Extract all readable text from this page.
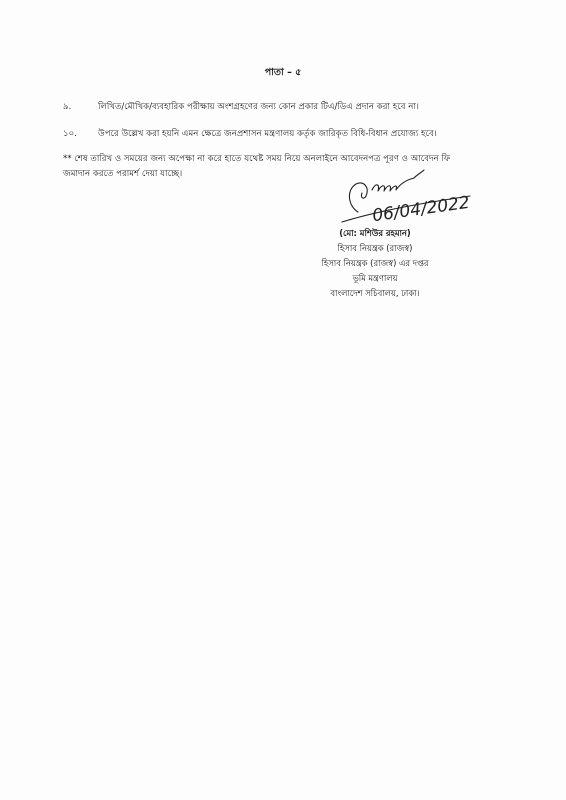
পাতা – ৫
৯.	লিখিত/মৌখিক/ব্যবহারিক পরীক্ষায় অংশগ্রহণের জন্য কোন প্রকার টিএ/ডিএ প্রদান করা হবে না।
১০.	উপরে উল্লেখ করা হয়নি এমন ক্ষেত্রে জনপ্রশাসন মন্ত্রণালয় কর্তৃক জারিকৃত বিধি-বিধান প্রযোজ্য হবে।
** শেষ তারিখ ও সময়ের জন্য অপেক্ষা না করে হাতে যথেষ্ট সময় নিয়ে অনলাইনে আবেদনপত্র পূরণ ও আবেদন ফি জমাদান করতে পরামর্শ দেয়া যাচ্ছে।
06/04/2022
(মো: মশিউর রহমান)
হিসাব নিয়ন্ত্রক (রাজস্ব)
হিসাব নিয়ন্ত্রক (রাজস্ব) এর দপ্তর
ভূমি মন্ত্রণালয়
বাংলাদেশ সচিবালয়, ঢাকা।
